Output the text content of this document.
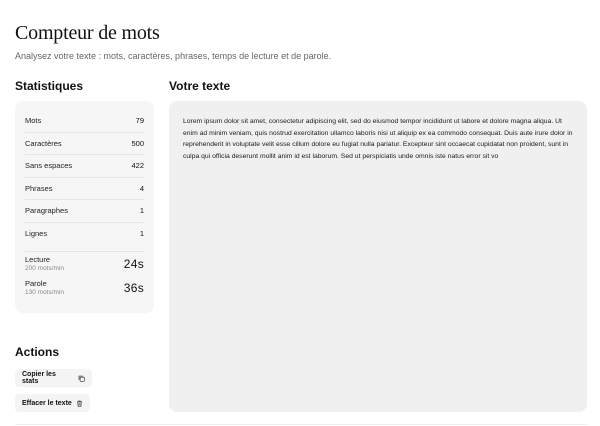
Compteur de mots

Analysez votre texte : mots, caractères, phrases, temps de lecture et de parole.

Statistiques	Votre texte
Mots	79
Caractères	500
Sans espaces	422
Phrases	4
Paragraphes	1
Lignes	1
Lecture
200 mots/min	24s
Parole
130 mots/min	36s
Lorem ipsum dolor sit amet, consectetur adipiscing elit, sed do eiusmod tempor incididunt ut labore et dolore magna aliqua. Ut enim ad minim veniam, quis nostrud exercitation ullamco laboris nisi ut aliquip ex ea commodo consequat. Duis aute irure dolor in reprehenderit in voluptate velit esse cillum dolore eu fugiat nulla pariatur. Excepteur sint occaecat cupidatat non proident, sunt in culpa qui officia deserunt mollit anim id est laborum. Sed ut perspiciatis unde omnis iste natus error sit vo
Actions
Copier les stats
Effacer le texte
